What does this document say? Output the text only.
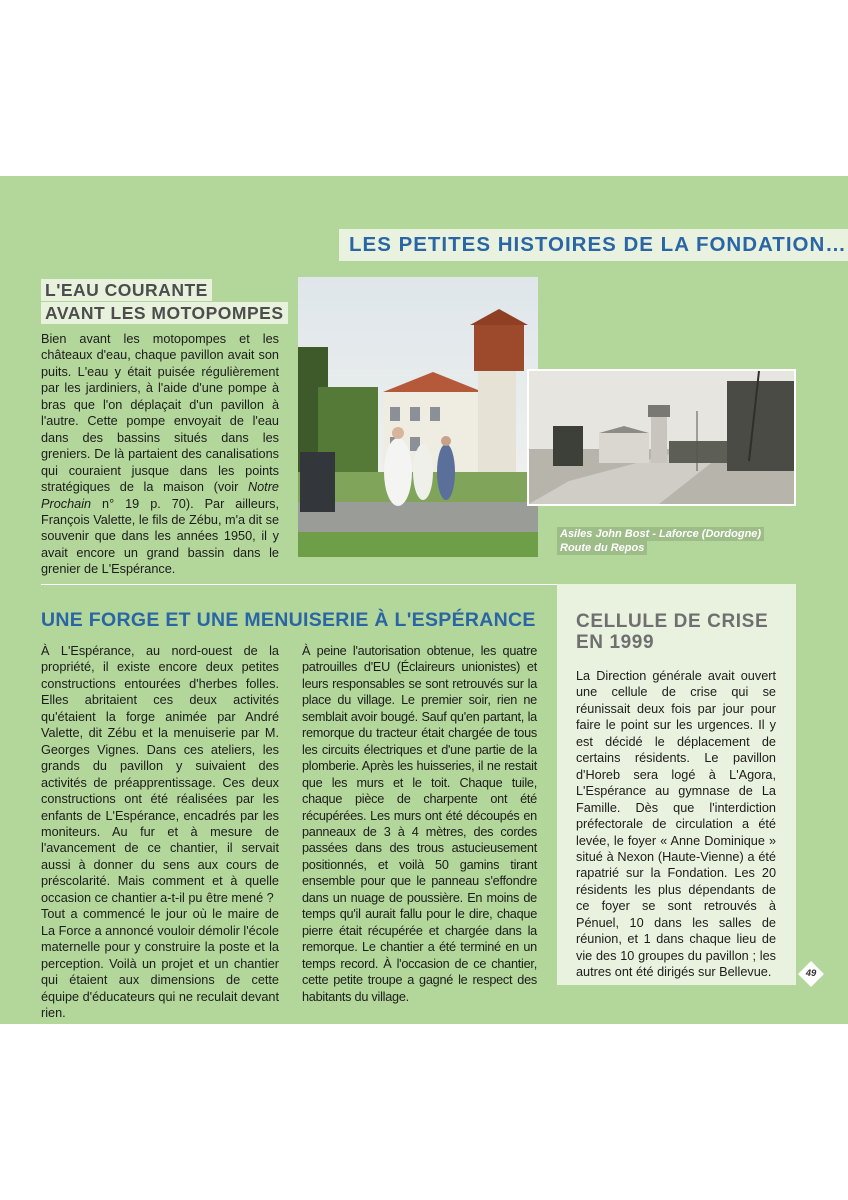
LES PETITES HISTOIRES DE LA FONDATION…
L'EAU COURANTE
AVANT LES MOTOPOMPES

Bien avant les motopompes et les châteaux d'eau, chaque pavillon avait son puits. L'eau y était puisée régulièrement par les jardiniers, à l'aide d'une pompe à bras que l'on déplaçait d'un pavillon à l'autre. Cette pompe envoyait de l'eau dans des bassins situés dans les greniers. De là partaient des canalisations qui couraient jusque dans les points stratégiques de la maison (voir Notre Prochain n° 19 p. 70). Par ailleurs, François Valette, le fils de Zébu, m'a dit se souvenir que dans les années 1950, il y avait encore un grand bassin dans le grenier de L'Espérance.

Asiles John Bost - Laforce (Dordogne)
Route du Repos
UNE FORGE ET UNE MENUISERIE À L'ESPÉRANCE

À L'Espérance, au nord-ouest de la propriété, il existe encore deux petites constructions entourées d'herbes folles. Elles abritaient ces deux activités qu'étaient la forge animée par André Valette, dit Zébu et la menuiserie par M. Georges Vignes. Dans ces ateliers, les grands du pavillon y suivaient des activités de préapprentissage. Ces deux constructions ont été réalisées par les enfants de L'Espérance, encadrés par les moniteurs. Au fur et à mesure de l'avancement de ce chantier, il servait aussi à donner du sens aux cours de préscolarité. Mais comment et à quelle occasion ce chantier a-t-il pu être mené ?

Tout a commencé le jour où le maire de La Force a annoncé vouloir démolir l'école maternelle pour y construire la poste et la perception. Voilà un projet et un chantier qui étaient aux dimensions de cette équipe d'éducateurs qui ne reculait devant rien.

À peine l'autorisation obtenue, les quatre patrouilles d'EU (Éclaireurs unionistes) et leurs responsables se sont retrouvés sur la place du village. Le premier soir, rien ne semblait avoir bougé. Sauf qu'en partant, la remorque du tracteur était chargée de tous les circuits électriques et d'une partie de la plomberie. Après les huisseries, il ne restait que les murs et le toit. Chaque tuile, chaque pièce de charpente ont été récupérées. Les murs ont été découpés en panneaux de 3 à 4 mètres, des cordes passées dans des trous astucieusement positionnés, et voilà 50 gamins tirant ensemble pour que le panneau s'effondre dans un nuage de poussière. En moins de temps qu'il aurait fallu pour le dire, chaque pierre était récupérée et chargée dans la remorque. Le chantier a été terminé en un temps record. À l'occasion de ce chantier, cette petite troupe a gagné le respect des habitants du village.

CELLULE DE CRISE
EN 1999

La Direction générale avait ouvert une cellule de crise qui se réunissait deux fois par jour pour faire le point sur les urgences. Il y est décidé le déplacement de certains résidents. Le pavillon d'Horeb sera logé à L'Agora, L'Espérance au gymnase de La Famille. Dès que l'interdiction préfectorale de circulation a été levée, le foyer « Anne Dominique » situé à Nexon (Haute-Vienne) a été rapatrié sur la Fondation. Les 20 résidents les plus dépendants de ce foyer se sont retrouvés à Pénuel, 10 dans les salles de réunion, et 1 dans chaque lieu de vie des 10 groupes du pavillon ; les autres ont été dirigés sur Bellevue.	49
